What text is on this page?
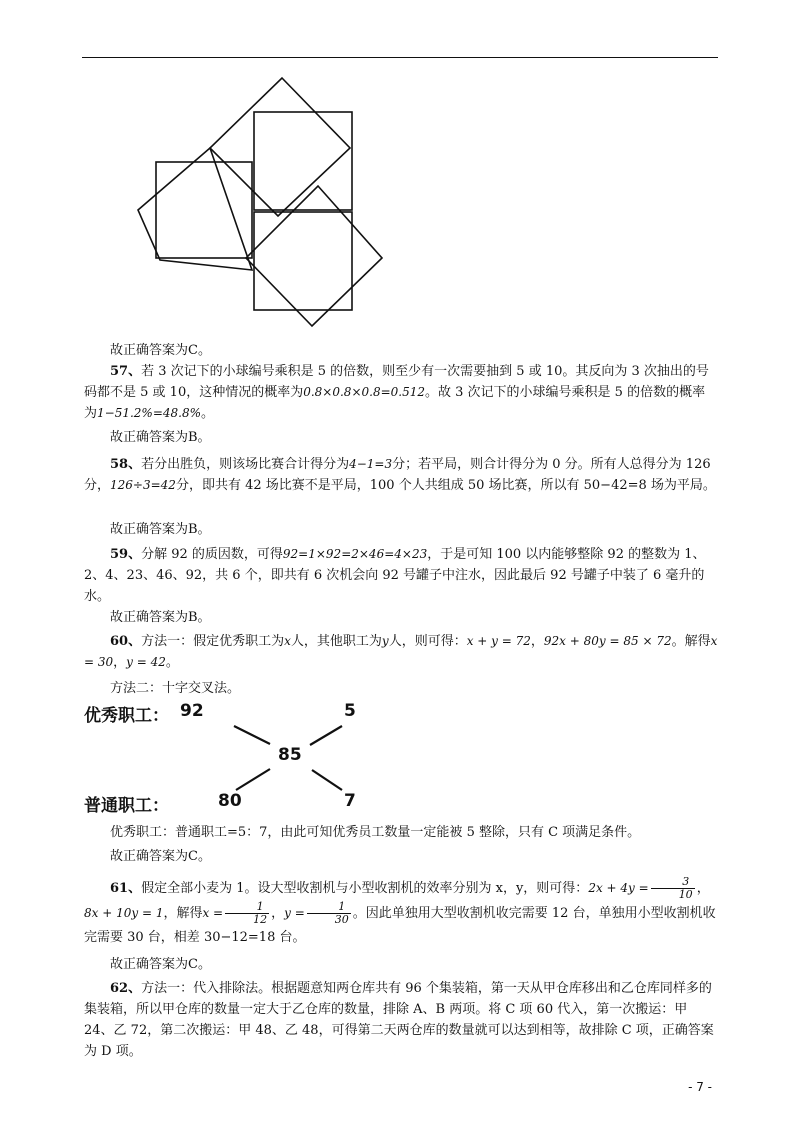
故正确答案为C。

57、若 3 次记下的小球编号乘积是 5 的倍数，则至少有一次需要抽到 5 或 10。其反向为 3 次抽出的号码都不是 5 或 10，这种情况的概率为0.8×0.8×0.8=0.512。故 3 次记下的小球编号乘积是 5 的倍数的概率为1−51.2%=48.8%。

故正确答案为B。

58、若分出胜负，则该场比赛合计得分为4−1=3分；若平局，则合计得分为 0 分。所有人总得分为 126 分，126÷3=42分，即共有 42 场比赛不是平局，100 个人共组成 50 场比赛，所以有 50−42=8 场为平局。

故正确答案为B。

59、分解 92 的质因数，可得92=1×92=2×46=4×23，于是可知 100 以内能够整除 92 的整数为 1、2、4、23、46、92，共 6 个，即共有 6 次机会向 92 号罐子中注水，因此最后 92 号罐子中装了 6 毫升的水。

故正确答案为B。

60、方法一：假定优秀职工为x人，其他职工为y人，则可得：x + y = 72，92x + 80y = 85 × 72。解得x = 30，y = 42。

方法二：十字交叉法。

优秀职工： 92	5
85
普通职工：	80	7

优秀职工：普通职工=5：7，由此可知优秀员工数量一定能被 5 整除，只有 C 项满足条件。

故正确答案为C。

61、假定全部小麦为 1。设大型收割机与小型收割机的效率分别为 x，y，则可得：$2x + 4y = \frac{3}{10}$ ，8x + 10y = 1，解得$x = \frac{1}{12}$ ，$y = \frac{1}{30}$ 。因此单独用大型收割机收完需要 12 台，单独用小型收割机收完需要 30 台，相差 30−12=18 台。

故正确答案为C。

62、方法一：代入排除法。根据题意知两仓库共有 96 个集装箱，第一天从甲仓库移出和乙仓库同样多的集装箱，所以甲仓库的数量一定大于乙仓库的数量，排除 A、B 两项。将 C 项 60 代入，第一次搬运：甲 24、乙 72，第二次搬运：甲 48、乙 48，可得第二天两仓库的数量就可以达到相等，故排除 C 项，正确答案为 D 项。

- 7 -
